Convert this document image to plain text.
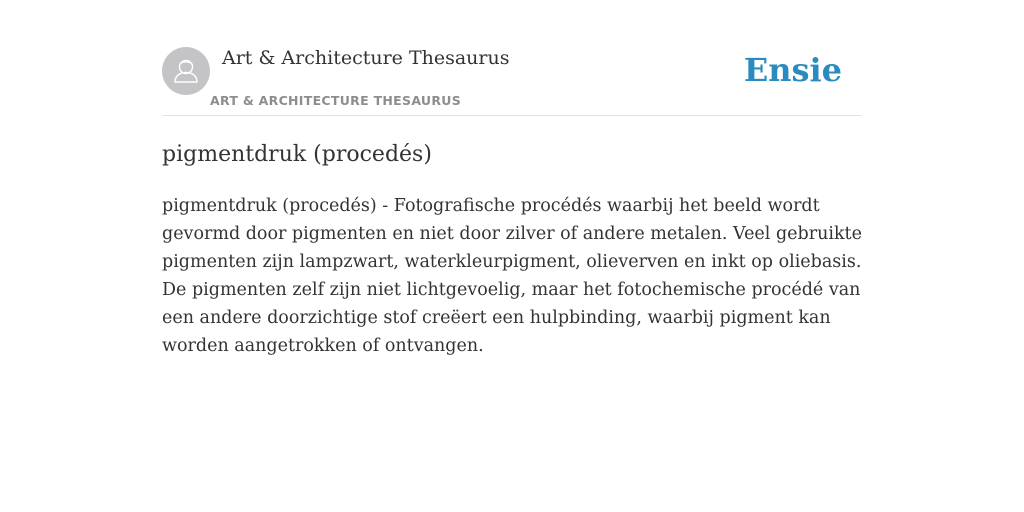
Art & Architecture Thesaurus
ART & ARCHITECTURE THESAURUS
Ensie
pigmentdruk (procedés)

pigmentdruk (procedés) - Fotografische procédés waarbij het beeld wordt gevormd door pigmenten en niet door zilver of andere metalen. Veel gebruikte pigmenten zijn lampzwart, waterkleurpigment, olieverven en inkt op oliebasis. De pigmenten zelf zijn niet lichtgevoelig, maar het fotochemische procédé van een andere doorzichtige stof creëert een hulpbinding, waarbij pigment kan worden aangetrokken of ontvangen.
